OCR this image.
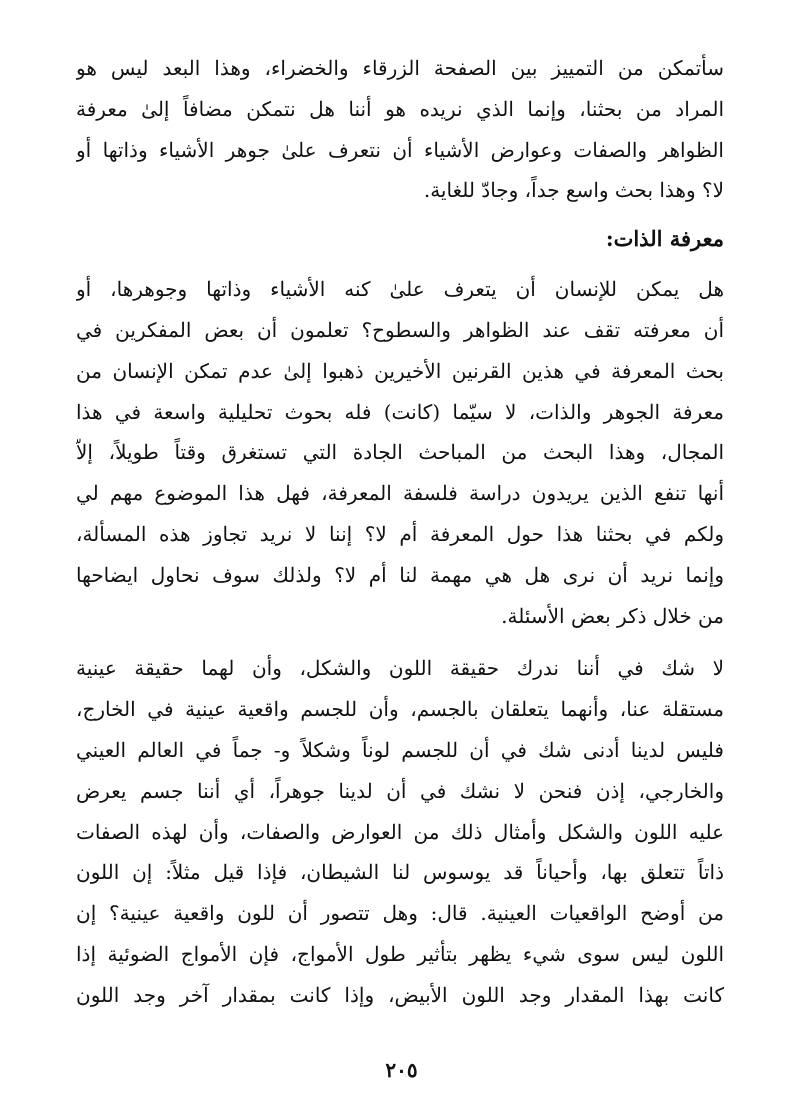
سأتمكن من التمييز بين الصفحة الزرقاء والخضراء، وهذا البعد ليس هو
المراد من بحثنا، وإنما الذي نريده هو أننا هل نتمكن مضافاً إلىٰ معرفة
الظواهر والصفات وعوارض الأشياء أن نتعرف علىٰ جوهر الأشياء وذاتها أو
لا؟ وهذا بحث واسع جداً، وجادّ للغاية.
معرفة الذات:
هل يمكن للإنسان أن يتعرف علىٰ كنه الأشياء وذاتها وجوهرها، أو
أن معرفته تقف عند الظواهر والسطوح؟ تعلمون أن بعض المفكرين في
بحث المعرفة في هذين القرنين الأخيرين ذهبوا إلىٰ عدم تمكن الإنسان من
معرفة الجوهر والذات، لا سيّما (كانت) فله بحوث تحليلية واسعة في هذا
المجال، وهذا البحث من المباحث الجادة التي تستغرق وقتاً طويلاً، إلاّ
أنها تنفع الذين يريدون دراسة فلسفة المعرفة، فهل هذا الموضوع مهم لي
ولكم في بحثنا هذا حول المعرفة أم لا؟ إننا لا نريد تجاوز هذه المسألة،
وإنما نريد أن نرى هل هي مهمة لنا أم لا؟ ولذلك سوف نحاول ايضاحها
من خلال ذكر بعض الأسئلة.
لا شك في أننا ندرك حقيقة اللون والشكل، وأن لهما حقيقة عينية
مستقلة عنا، وأنهما يتعلقان بالجسم، وأن للجسم واقعية عينية في الخارج،
فليس لدينا أدنى شك في أن للجسم لوناً وشكلاً و- جماً في العالم العيني
والخارجي، إذن فنحن لا نشك في أن لدينا جوهراً، أي أننا جسم يعرض
عليه اللون والشكل وأمثال ذلك من العوارض والصفات، وأن لهذه الصفات
ذاتاً تتعلق بها، وأحياناً قد يوسوس لنا الشيطان، فإذا قيل مثلاً: إن اللون
من أوضح الواقعيات العينية. قال: وهل تتصور أن للون واقعية عينية؟ إن
اللون ليس سوى شيء يظهر بتأثير طول الأمواج، فإن الأمواج الضوئية إذا
كانت بهذا المقدار وجد اللون الأبيض، وإذا كانت بمقدار آخر وجد اللون
٢٠٥
